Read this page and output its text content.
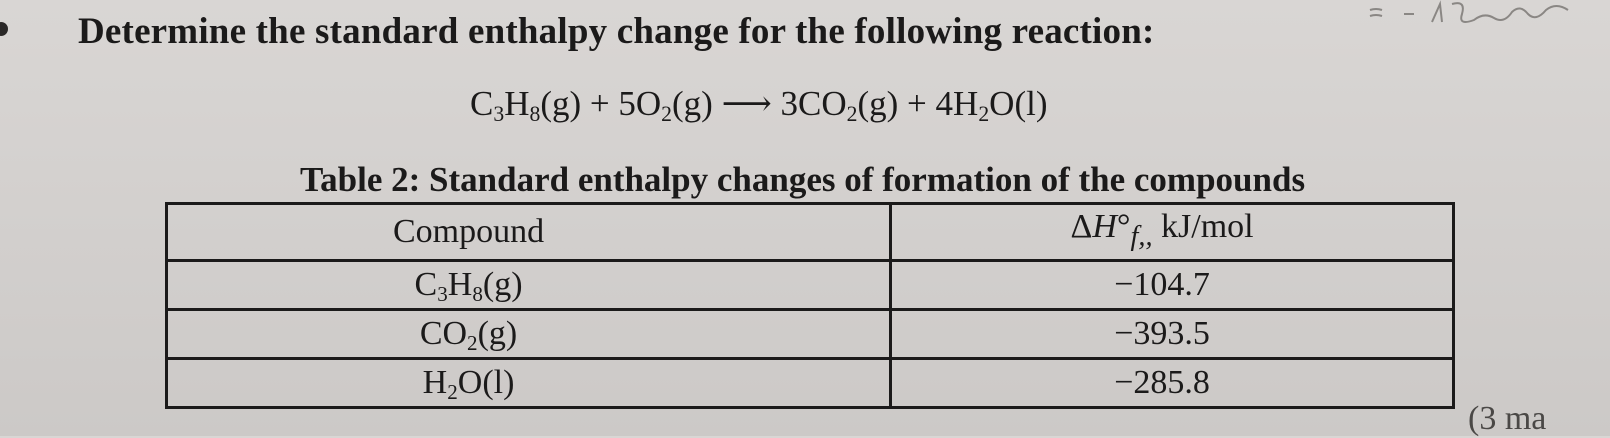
Determine the standard enthalpy change for the following reaction:
$C_3H_8(g) + 5O_2(g)$ ⟶ $3CO_2(g) + 4H_2O(l)$
Table 2: Standard enthalpy changes of formation of the compounds
Compound	$\Delta H^\circ_{f,,}$ kJ/mol
$C_3H_8(g)$	−104.7
$CO_2(g)$	−393.5
$H_2O(l)$	−285.8
(3 ma
